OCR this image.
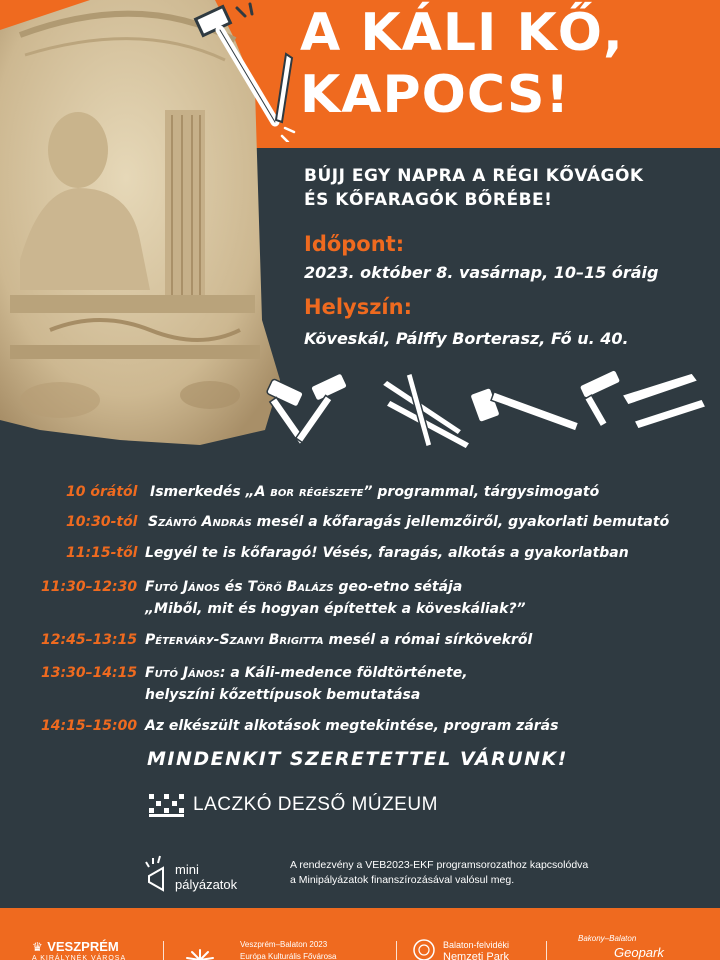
A KÁLI KŐ,
KAPOCS!
BÚJJ EGY NAPRA A RÉGI KŐVÁGÓK
ÉS KŐFARAGÓK BŐRÉBE!
Időpont:
2023. október 8. vasárnap, 10–15 óráig
Helyszín:
Köveskál, Pálffy Borterasz, Fő u. 40.
10 órától Ismerkedés „A bor régészete” programmal, tárgysimogató
10:30-tól Szántó András mesél a kőfaragás jellemzőiről, gyakorlati bemutató
11:15-től Legyél te is kőfaragó! Vésés, faragás, alkotás a gyakorlatban
11:30–12:30 Futó János és Törő Balázs geo-etno sétája
„Miből, mit és hogyan építettek a köveskáliak?”
12:45–13:15 Pétervárу-Szanyi Brigitta mesél a római sírkövekről
13:30–14:15 Futó János: a Káli-medence földtörténete,
helyszíni kőzettípusok bemutatása
14:15–15:00 Az elkészült alkotások megtekintése, program zárás
MINDENKIT SZERETETTEL VÁRUNK!
LACZKÓ DEZSŐ MÚZEUM
mini
pályázatok
A rendezvény a VEB2023-EKF programsorozathoz kapcsolódva
a Minipályázatok finanszírozásával valósul meg.
♛ VESZPRÉM
A KIRÁLYNÉK VÁROSA
Veszprém–Balaton 2023
Európa Kulturális Fővárosa
Balaton-felvidéki
Nemzeti Park
Bakony–Balaton
Geopark
